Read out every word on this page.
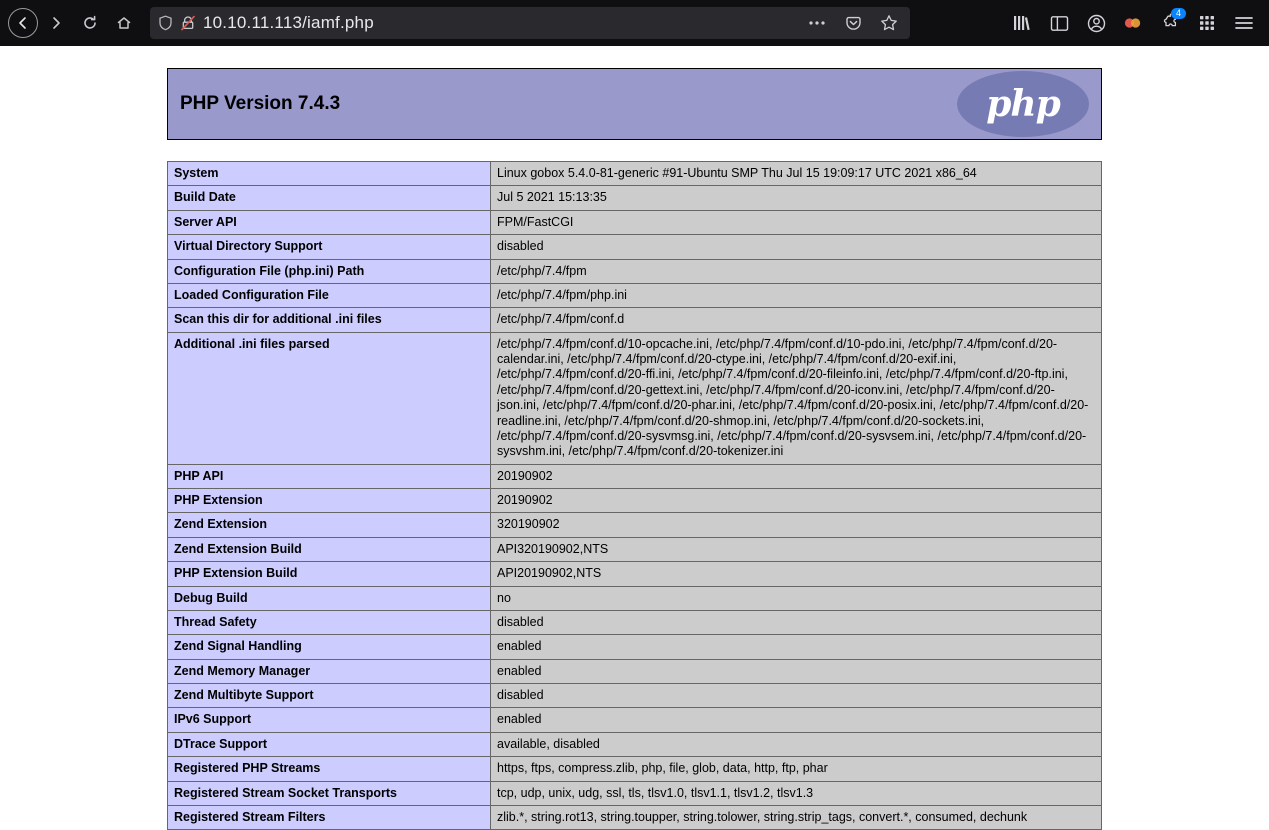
10.10.11.113/iamf.php	4
PHP Version 7.4.3	php
System	Linux gobox 5.4.0-81-generic #91-Ubuntu SMP Thu Jul 15 19:09:17 UTC 2021 x86_64
Build Date	Jul 5 2021 15:13:35
Server API	FPM/FastCGI
Virtual Directory Support	disabled
Configuration File (php.ini) Path	/etc/php/7.4/fpm
Loaded Configuration File	/etc/php/7.4/fpm/php.ini
Scan this dir for additional .ini files	/etc/php/7.4/fpm/conf.d
Additional .ini files parsed	/etc/php/7.4/fpm/conf.d/10-opcache.ini, /etc/php/7.4/fpm/conf.d/10-pdo.ini, /etc/php/7.4/fpm/conf.d/20-calendar.ini, /etc/php/7.4/fpm/conf.d/20-ctype.ini, /etc/php/7.4/fpm/conf.d/20-exif.ini, /etc/php/7.4/fpm/conf.d/20-ffi.ini, /etc/php/7.4/fpm/conf.d/20-fileinfo.ini, /etc/php/7.4/fpm/conf.d/20-ftp.ini, /etc/php/7.4/fpm/conf.d/20-gettext.ini, /etc/php/7.4/fpm/conf.d/20-iconv.ini, /etc/php/7.4/fpm/conf.d/20-json.ini, /etc/php/7.4/fpm/conf.d/20-phar.ini, /etc/php/7.4/fpm/conf.d/20-posix.ini, /etc/php/7.4/fpm/conf.d/20-readline.ini, /etc/php/7.4/fpm/conf.d/20-shmop.ini, /etc/php/7.4/fpm/conf.d/20-sockets.ini, /etc/php/7.4/fpm/conf.d/20-sysvmsg.ini, /etc/php/7.4/fpm/conf.d/20-sysvsem.ini, /etc/php/7.4/fpm/conf.d/20-sysvshm.ini, /etc/php/7.4/fpm/conf.d/20-tokenizer.ini
PHP API	20190902
PHP Extension	20190902
Zend Extension	320190902
Zend Extension Build	API320190902,NTS
PHP Extension Build	API20190902,NTS
Debug Build	no
Thread Safety	disabled
Zend Signal Handling	enabled
Zend Memory Manager	enabled
Zend Multibyte Support	disabled
IPv6 Support	enabled
DTrace Support	available, disabled
Registered PHP Streams	https, ftps, compress.zlib, php, file, glob, data, http, ftp, phar
Registered Stream Socket Transports	tcp, udp, unix, udg, ssl, tls, tlsv1.0, tlsv1.1, tlsv1.2, tlsv1.3
Registered Stream Filters	zlib.*, string.rot13, string.toupper, string.tolower, string.strip_tags, convert.*, consumed, dechunk
